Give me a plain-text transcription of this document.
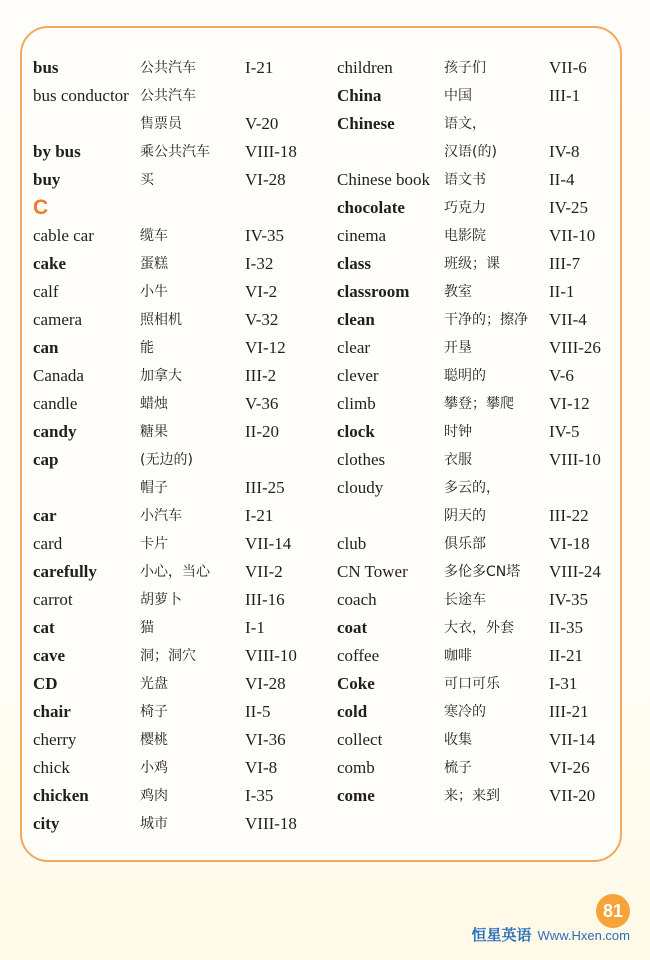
bus	公共汽车	I-21
bus conductor 公共汽车
售票员	V-20
by bus	乘公共汽车 VIII-18
buy	买	VI-28
C
cable car	缆车	IV-35
cake	蛋糕	I-32
calf	小牛	VI-2
camera	照相机	V-32
can	能	VI-12
Canada	加拿大	III-2
candle	蜡烛	V-36
candy	糖果	II-20
cap	(无边的)
帽子	III-25
car	小汽车	I-21
card	卡片	VII-14
carefully	小心，当心 VII-2
carrot	胡萝卜	III-16
cat	猫	I-1
cave	洞；洞穴	VIII-10
CD	光盘	VI-28
chair	椅子	II-5
cherry	樱桃	VI-36
chick	小鸡	VI-8
chicken	鸡肉	I-35
city	城市	VIII-18
children	孩子们	VII-6
China	中国	III-1
Chinese	语文，
汉语(的)	IV-8
Chinese book 语文书	II-4
chocolate	巧克力	IV-25
cinema	电影院	VII-10
class	班级；课	III-7
classroom 教室	II-1
clean	干净的；擦净 VII-4
clear	开垦	VIII-26
clever	聪明的	V-6
climb	攀登；攀爬 VI-12
clock	时钟	IV-5
clothes	衣服	VIII-10
cloudy	多云的，
阴天的	III-22
club	俱乐部	VI-18
CN Tower	多伦多CN塔 VIII-24
coach	长途车	IV-35
coat	大衣，外套 II-35
coffee	咖啡	II-21
Coke	可口可乐	I-31
cold	寒冷的	III-21
collect	收集	VII-14
comb	梳子	VI-26
come	来；来到	VII-20
81
恒星英语 Www.Hxen.com
